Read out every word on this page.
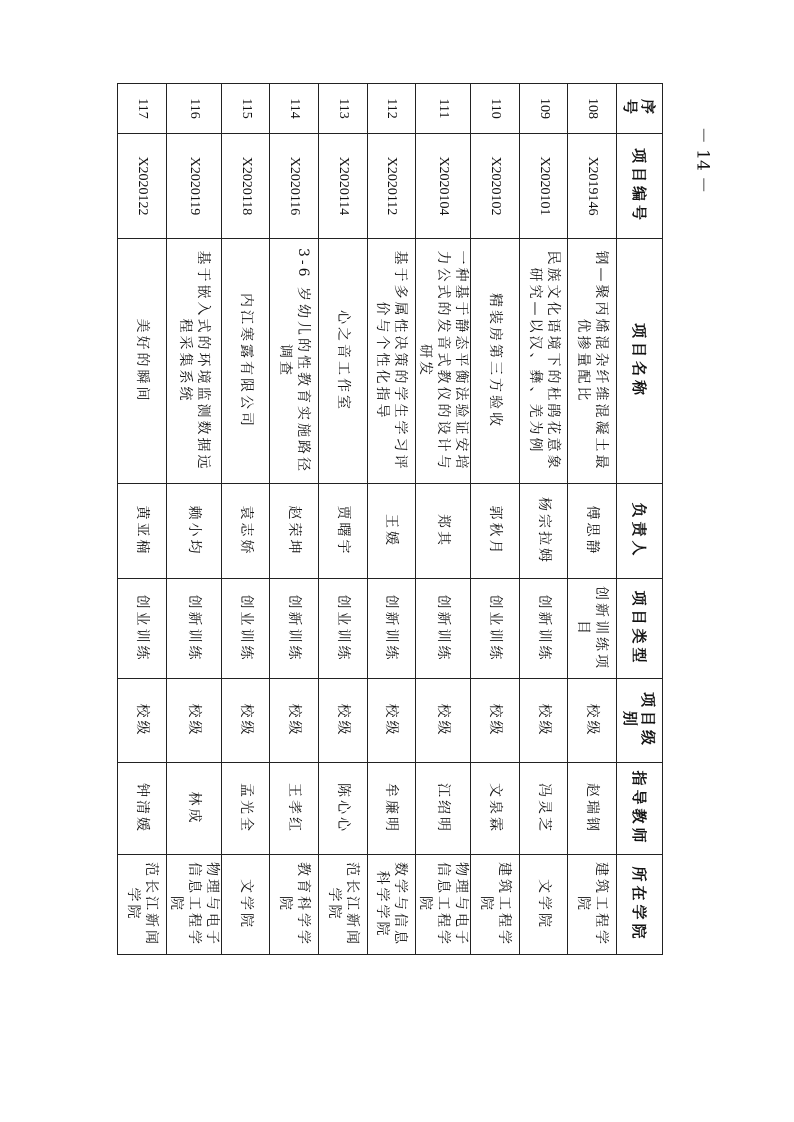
－ 14 －
序号	项目编号	项目名称	负责人	项目类型	项目级别	指导教师	所在学院
108	X2019146	钢—聚丙烯混杂纤维混凝土最优掺量配比	傅思静	创新训练项目	校级	赵瑞钢	建筑工程学院
109	X2020101	民族文化语境下的杜鹃花意象研究—以汉、彝、羌为例	杨宗拉姆	创新训练	校级	冯灵芝	文学院
110	X2020102	精装房第三方验收	郭秋月	创业训练	校级	文泉霖	建筑工程学院
111	X2020104	一种基于静态平衡法验证安培力公式的发音式教仪的设计与研发	郑其	创新训练	校级	江绍明	物理与电子信息工程学院
112	X2020112	基于多属性决策的学生学习评价与个性化指导	王媛	创新训练	校级	牟廉明	数学与信息科学学院
113	X2020114	心之音工作室	贾曙宇	创业训练	校级	陈心心	范长江新闻学院
114	X2020116	3-6 岁幼儿的性教育实施路径调查	赵荣坤	创新训练	校级	王孝红	教育科学学院
115	X2020118	内江寒露有限公司	袁志娇	创业训练	校级	孟光全	文学院
116	X2020119	基于嵌入式的环境监测数据远程采集系统	赖小均	创新训练	校级	林成	物理与电子信息工程学院
117	X2020122	美好的瞬间	黄亚楠	创业训练	校级	钟清媛	范长江新闻学院
